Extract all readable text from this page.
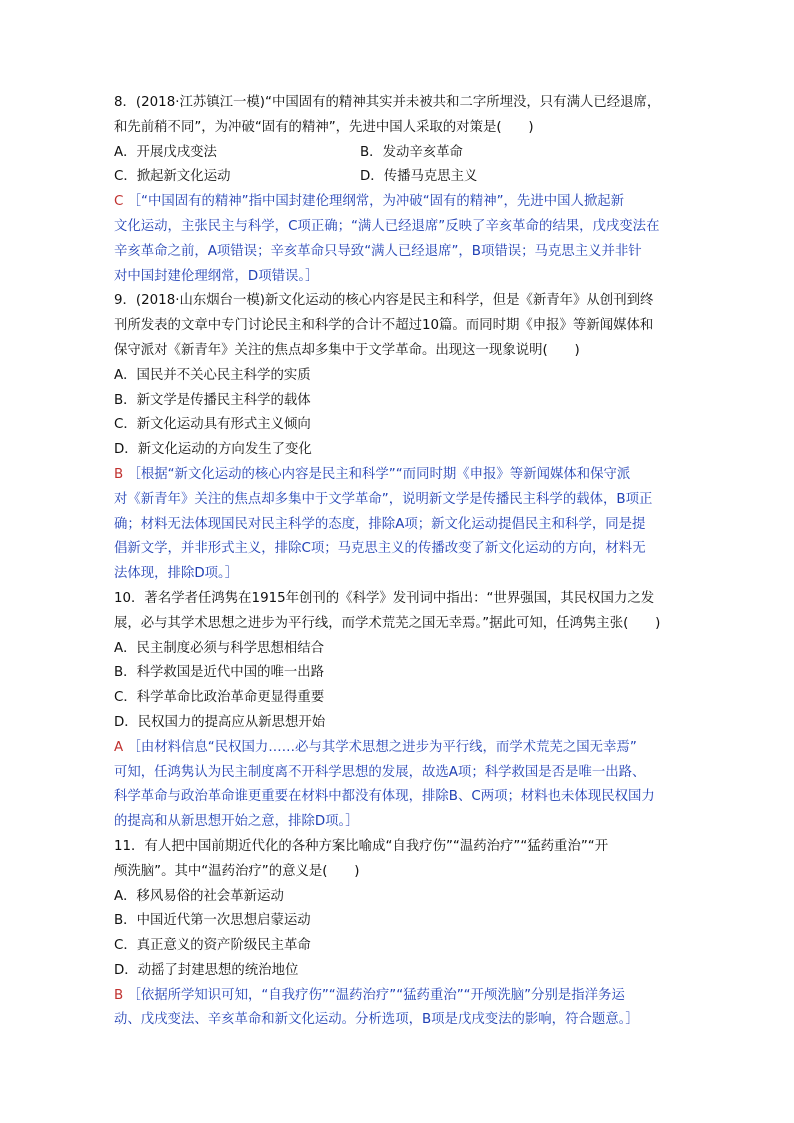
8．(2018·江苏镇江一模)“中国固有的精神其实并未被共和二字所埋没，只有满人已经退席，
和先前稍不同”，为冲破“固有的精神”，先进中国人采取的对策是(　　)
A．开展戊戌变法	B．发动辛亥革命
C．掀起新文化运动	D．传播马克思主义
C ［“中国固有的精神”指中国封建伦理纲常，为冲破“固有的精神”，先进中国人掀起新
文化运动，主张民主与科学，C项正确；“满人已经退席”反映了辛亥革命的结果，戊戌变法在
辛亥革命之前，A项错误；辛亥革命只导致“满人已经退席”，B项错误；马克思主义并非针
对中国封建伦理纲常，D项错误。］
9．(2018·山东烟台一模)新文化运动的核心内容是民主和科学，但是《新青年》从创刊到终
刊所发表的文章中专门讨论民主和科学的合计不超过10篇。而同时期《申报》等新闻媒体和
保守派对《新青年》关注的焦点却多集中于文学革命。出现这一现象说明(　　)
A．国民并不关心民主科学的实质
B．新文学是传播民主科学的载体
C．新文化运动具有形式主义倾向
D．新文化运动的方向发生了变化
B ［根据“新文化运动的核心内容是民主和科学”“而同时期《申报》等新闻媒体和保守派
对《新青年》关注的焦点却多集中于文学革命”，说明新文学是传播民主科学的载体，B项正
确；材料无法体现国民对民主科学的态度，排除A项；新文化运动提倡民主和科学，同是提
倡新文学，并非形式主义，排除C项；马克思主义的传播改变了新文化运动的方向，材料无
法体现，排除D项。］
10．著名学者任鸿隽在1915年创刊的《科学》发刊词中指出：“世界强国，其民权国力之发
展，必与其学术思想之进步为平行线，而学术荒芜之国无幸焉。”据此可知，任鸿隽主张(　　)
A．民主制度必须与科学思想相结合
B．科学救国是近代中国的唯一出路
C．科学革命比政治革命更显得重要
D．民权国力的提高应从新思想开始
A ［由材料信息“民权国力……必与其学术思想之进步为平行线，而学术荒芜之国无幸焉”
可知，任鸿隽认为民主制度离不开科学思想的发展，故选A项；科学救国是否是唯一出路、
科学革命与政治革命谁更重要在材料中都没有体现，排除B、C两项；材料也未体现民权国力
的提高和从新思想开始之意，排除D项。］
11．有人把中国前期近代化的各种方案比喻成“自我疗伤”“温药治疗”“猛药重治”“开
颅洗脑”。其中“温药治疗”的意义是(　　)
A．移风易俗的社会革新运动
B．中国近代第一次思想启蒙运动
C．真正意义的资产阶级民主革命
D．动摇了封建思想的统治地位
B ［依据所学知识可知，“自我疗伤”“温药治疗”“猛药重治”“开颅洗脑”分别是指洋务运
动、戊戌变法、辛亥革命和新文化运动。分析选项，B项是戊戌变法的影响，符合题意。］
